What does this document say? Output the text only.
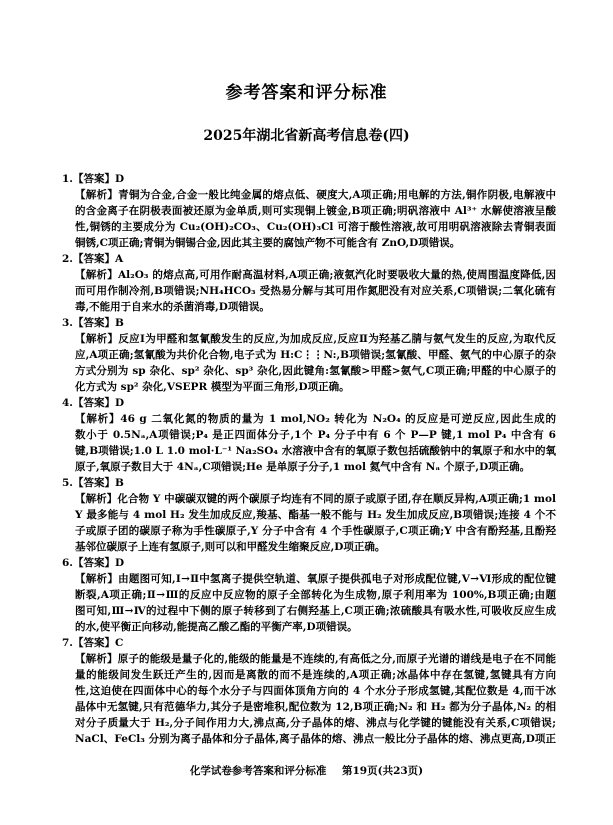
参考答案和评分标准
2025年湖北省新高考信息卷(四)
1.【答案】D
【解析】青铜为合金,合金一般比纯金属的熔点低、硬度大,A项正确;用电解的方法,铜作阴极,电解液中
的含金离子在阴极表面被还原为金单质,则可实现铜上镀金,B项正确;明矾溶液中 Al³⁺ 水解使溶液呈酸
性,铜锈的主要成分为 Cu₂(OH)₂CO₃、Cu₂(OH)₃Cl 可溶于酸性溶液,故可用明矾溶液除去青铜表面
铜锈,C项正确;青铜为铜锡合金,因此其主要的腐蚀产物不可能含有 ZnO,D项错误。
2.【答案】A
【解析】Al₂O₃ 的熔点高,可用作耐高温材料,A项正确;液氨汽化时要吸收大量的热,使周围温度降低,因
而可用作制冷剂,B项错误;NH₄HCO₃ 受热易分解与其可用作氮肥没有对应关系,C项错误;二氧化硫有
毒,不能用于自来水的杀菌消毒,D项错误。
3.【答案】B
【解析】反应Ⅰ为甲醛和氢氰酸发生的反应,为加成反应,反应Ⅱ为羟基乙腈与氨气发生的反应,为取代反
应,A项正确;氢氰酸为共价化合物,电子式为 H:C⋮⋮N:,B项错误;氢氰酸、甲醛、氨气的中心原子的杂
方式分别为 sp 杂化、sp² 杂化、sp³ 杂化,因此键角:氢氰酸>甲醛>氨气,C项正确;甲醛的中心原子的
化方式为 sp² 杂化,VSEPR 模型为平面三角形,D项正确。
4.【答案】D
【解析】46 g 二氧化氮的物质的量为 1 mol,NO₂ 转化为 N₂O₄ 的反应是可逆反应,因此生成的
数小于 0.5Nₐ,A项错误;P₄ 是正四面体分子,1个 P₄ 分子中有 6 个 P—P 键,1 mol P₄ 中含有 6
键,B项错误;1.0 L 1.0 mol·L⁻¹ Na₂SO₄ 水溶液中含有的氧原子数包括硫酸钠中的氧原子和水中的氧
原子,氧原子数目大于 4Nₐ,C项错误;He 是单原子分子,1 mol 氦气中含有 Nₐ 个原子,D项正确。
5.【答案】B
【解析】化合物 Y 中碳碳双键的两个碳原子均连有不同的原子或原子团,存在顺反异构,A项正确;1 mol
Y 最多能与 4 mol H₂ 发生加成反应,羧基、酯基一般不能与 H₂ 发生加成反应,B项错误;连接 4 个不
子或原子团的碳原子称为手性碳原子,Y 分子中含有 4 个手性碳原子,C项正确;Y 中含有酚羟基,且酚羟
基邻位碳原子上连有氢原子,则可以和甲醛发生缩聚反应,D项正确。
6.【答案】D
【解析】由题图可知,Ⅰ→Ⅱ中氢离子提供空轨道、氧原子提供孤电子对形成配位键,Ⅴ→Ⅵ形成的配位键
断裂,A项正确;Ⅱ→Ⅲ的反应中反应物的原子全部转化为生成物,原子利用率为 100%,B项正确;由题
图可知,Ⅲ→Ⅳ的过程中下侧的原子转移到了右侧羟基上,C项正确;浓硫酸具有吸水性,可吸收反应生成
的水,使平衡正向移动,能提高乙酸乙酯的平衡产率,D项错误。
7.【答案】C
【解析】原子的能级是量子化的,能级的能量是不连续的,有高低之分,而原子光谱的谱线是电子在不同能
量的能级间发生跃迁产生的,因而是离散的而不是连续的,A项正确;冰晶体中存在氢键,氢键具有方向
性,这迫使在四面体中心的每个水分子与四面体顶角方向的 4 个水分子形成氢键,其配位数是 4,而干冰
晶体中无氢键,只有范德华力,其分子是密堆积,配位数为 12,B项正确;N₂ 和 H₂ 都为分子晶体,N₂ 的相
对分子质量大于 H₂,分子间作用力大,沸点高,分子晶体的熔、沸点与化学键的键能没有关系,C项错误;
NaCl、FeCl₃ 分别为离子晶体和分子晶体,离子晶体的熔、沸点一般比分子晶体的熔、沸点更高,D项正
化学试卷参考答案和评分标准 第19页(共23页)
